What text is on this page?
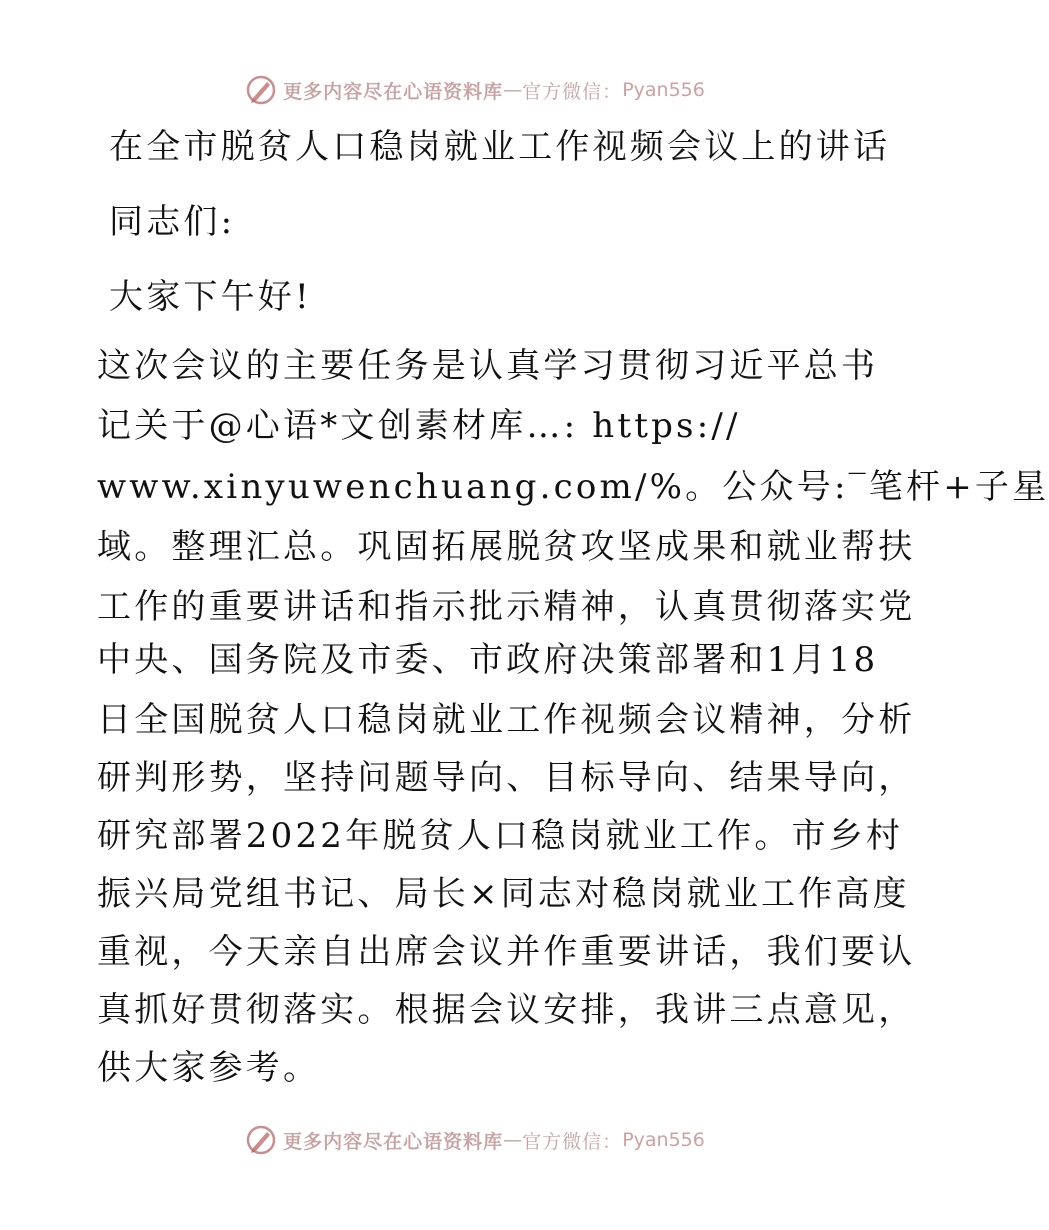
更多内容尽在心语资料库 — 官方微信： Pyan556
在全市脱贫人口稳岗就业工作视频会议上的讲话
同志们:
大家下午好!
这次会议的主要任务是认真学习贯彻习近平总书
记关于@心语*文创素材库…: https://
www.xinyuwenchuang.com/%。公众号:‾笔杆+子星
域。整理汇总。巩固拓展脱贫攻坚成果和就业帮扶
工作的重要讲话和指示批示精神，认真贯彻落实党
中央、国务院及市委、市政府决策部署和1月18
日全国脱贫人口稳岗就业工作视频会议精神，分析
研判形势，坚持问题导向、目标导向、结果导向，
研究部署2022年脱贫人口稳岗就业工作。市乡村
振兴局党组书记、局长×同志对稳岗就业工作高度
重视，今天亲自出席会议并作重要讲话，我们要认
真抓好贯彻落实。根据会议安排，我讲三点意见，
供大家参考。
更多内容尽在心语资料库 — 官方微信： Pyan556
